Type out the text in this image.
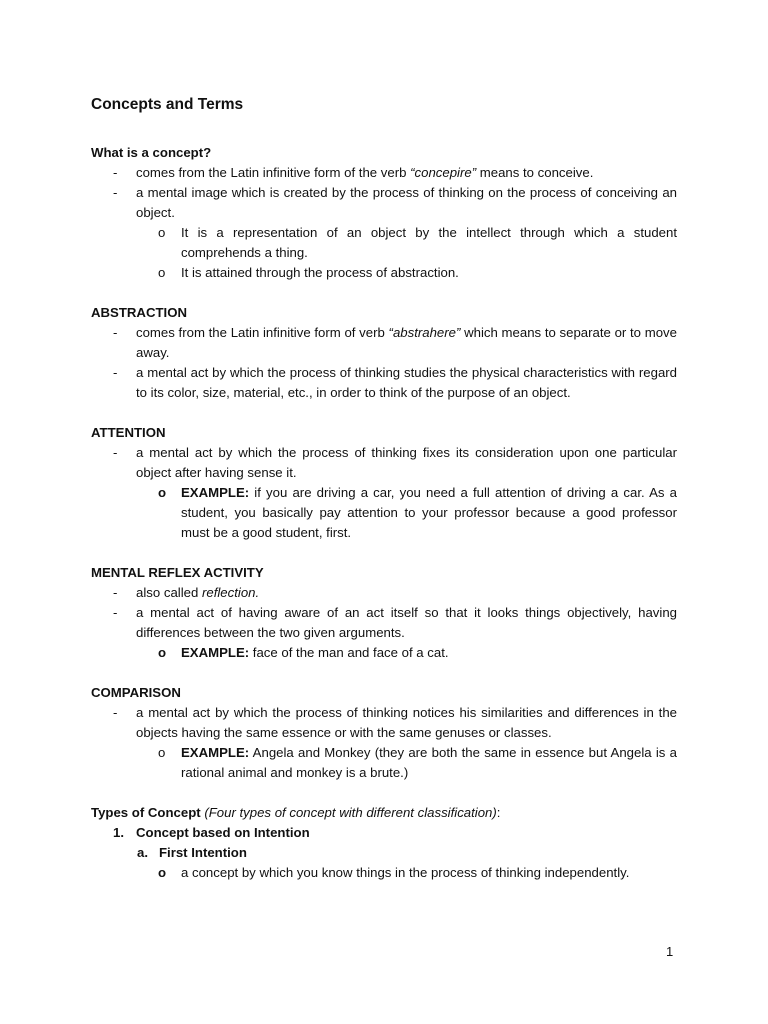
Concepts and Terms
What is a concept?
- comes from the Latin infinitive form of the verb “concepire” means to conceive.
- a mental image which is created by the process of thinking on the process of conceiving an object.
o It is a representation of an object by the intellect through which a student comprehends a thing.
o It is attained through the process of abstraction.
ABSTRACTION
- comes from the Latin infinitive form of verb “abstrahere” which means to separate or to move away.
- a mental act by which the process of thinking studies the physical characteristics with regard to its color, size, material, etc., in order to think of the purpose of an object.
ATTENTION
- a mental act by which the process of thinking fixes its consideration upon one particular object after having sense it.
o EXAMPLE: if you are driving a car, you need a full attention of driving a car. As a student, you basically pay attention to your professor because a good professor must be a good student, first.
MENTAL REFLEX ACTIVITY
- also called reflection.
- a mental act of having aware of an act itself so that it looks things objectively, having differences between the two given arguments.
o EXAMPLE: face of the man and face of a cat.
COMPARISON
- a mental act by which the process of thinking notices his similarities and differences in the objects having the same essence or with the same genuses or classes.
o EXAMPLE: Angela and Monkey (they are both the same in essence but Angela is a rational animal and monkey is a brute.)
Types of Concept (Four types of concept with different classification):
1. Concept based on Intention
a. First Intention
o a concept by which you know things in the process of thinking independently.
1
